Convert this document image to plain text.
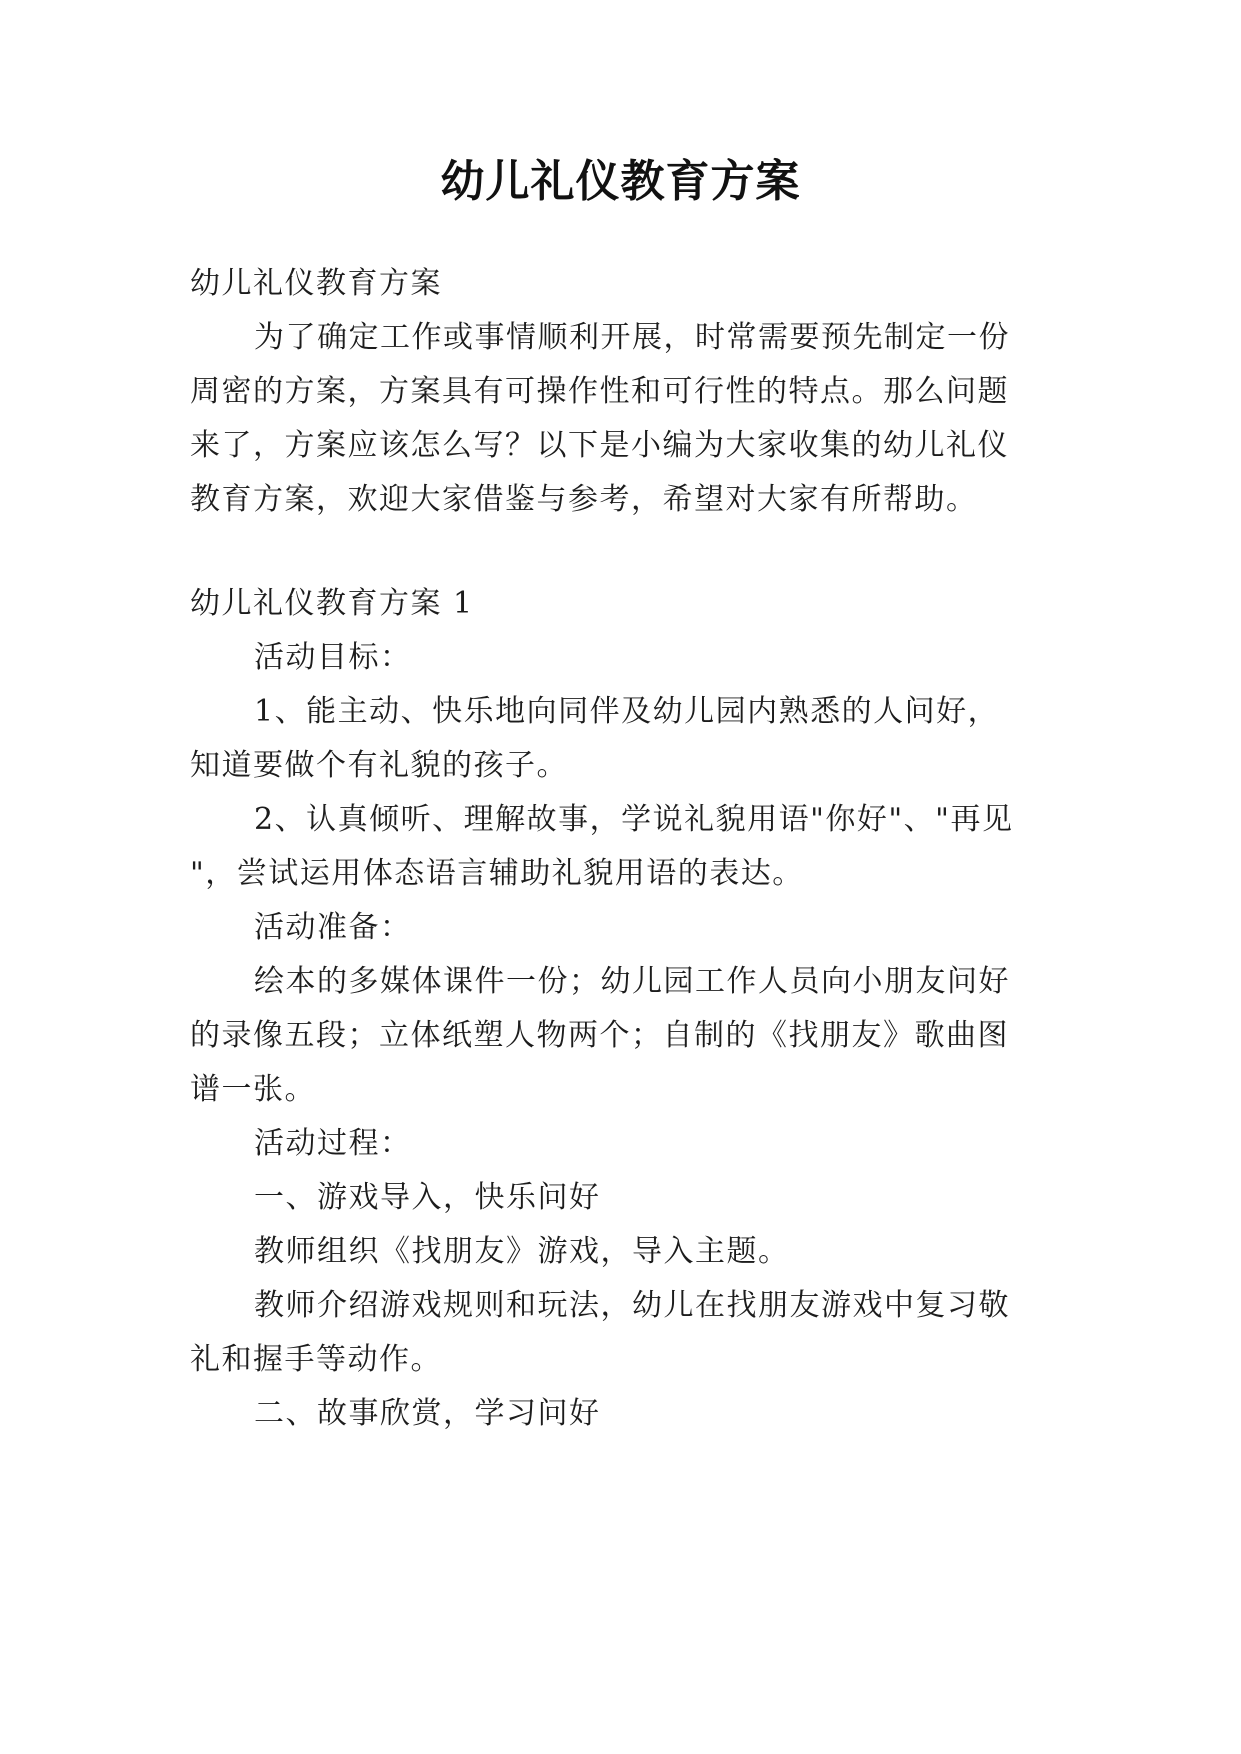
幼儿礼仪教育方案
幼儿礼仪教育方案
为了确定工作或事情顺利开展，时常需要预先制定一份
周密的方案，方案具有可操作性和可行性的特点。那么问题
来了，方案应该怎么写？以下是小编为大家收集的幼儿礼仪
教育方案，欢迎大家借鉴与参考，希望对大家有所帮助。
幼儿礼仪教育方案 1
活动目标：
1、能主动、快乐地向同伴及幼儿园内熟悉的人问好，
知道要做个有礼貌的孩子。
2、认真倾听、理解故事，学说礼貌用语"你好"、"再见
"，尝试运用体态语言辅助礼貌用语的表达。
活动准备：
绘本的多媒体课件一份；幼儿园工作人员向小朋友问好
的录像五段；立体纸塑人物两个；自制的《找朋友》歌曲图
谱一张。
活动过程：
一、游戏导入，快乐问好
教师组织《找朋友》游戏，导入主题。
教师介绍游戏规则和玩法，幼儿在找朋友游戏中复习敬
礼和握手等动作。
二、故事欣赏，学习问好
